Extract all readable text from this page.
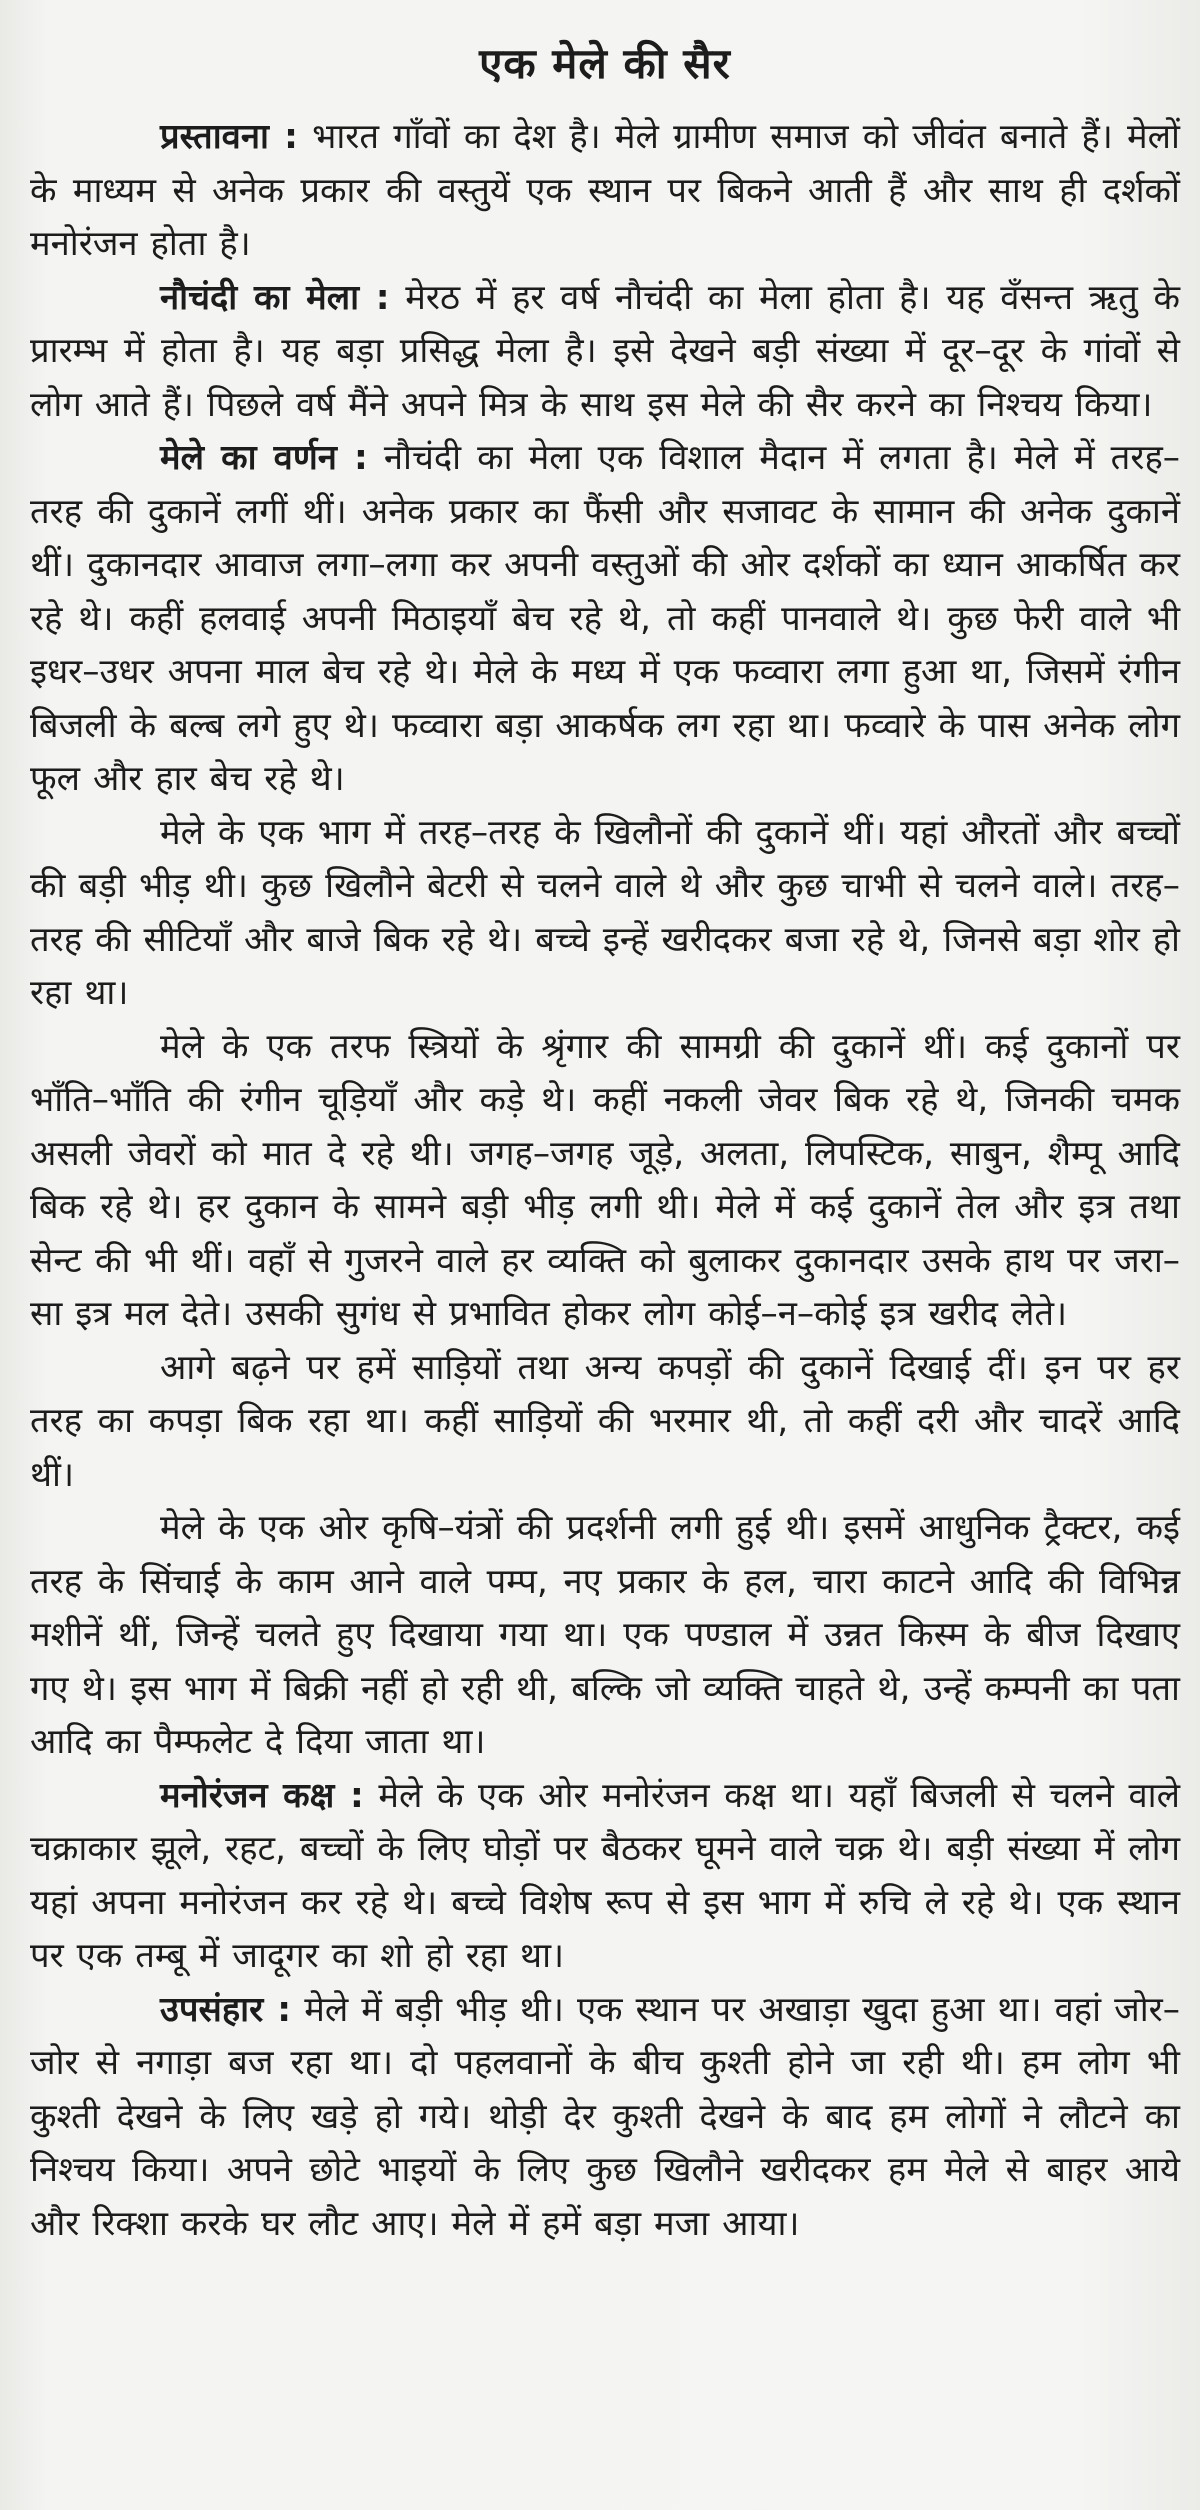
एक मेले की सैर

प्रस्तावना : भारत गाँवों का देश है। मेले ग्रामीण समाज को जीवंत बनाते हैं। मेलों के माध्यम से अनेक प्रकार की वस्तुयें एक स्थान पर बिकने आती हैं और साथ ही दर्शकों मनोरंजन होता है।

नौचंदी का मेला : मेरठ में हर वर्ष नौचंदी का मेला होता है। यह वँसन्त ऋतु के प्रारम्भ में होता है। यह बड़ा प्रसिद्ध मेला है। इसे देखने बड़ी संख्या में दूर–दूर के गांवों से लोग आते हैं। पिछले वर्ष मैंने अपने मित्र के साथ इस मेले की सैर करने का निश्चय किया।

मेले का वर्णन : नौचंदी का मेला एक विशाल मैदान में लगता है। मेले में तरह–तरह की दुकानें लगीं थीं। अनेक प्रकार का फैंसी और सजावट के सामान की अनेक दुकानें थीं। दुकानदार आवाज लगा–लगा कर अपनी वस्तुओं की ओर दर्शकों का ध्यान आकर्षित कर रहे थे। कहीं हलवाई अपनी मिठाइयाँ बेच रहे थे, तो कहीं पानवाले थे। कुछ फेरी वाले भी इधर–उधर अपना माल बेच रहे थे। मेले के मध्य में एक फव्वारा लगा हुआ था, जिसमें रंगीन बिजली के बल्ब लगे हुए थे। फव्वारा बड़ा आकर्षक लग रहा था। फव्वारे के पास अनेक लोग फूल और हार बेच रहे थे।

मेले के एक भाग में तरह–तरह के खिलौनों की दुकानें थीं। यहां औरतों और बच्चों की बड़ी भीड़ थी। कुछ खिलौने बेटरी से चलने वाले थे और कुछ चाभी से चलने वाले। तरह–तरह की सीटियाँ और बाजे बिक रहे थे। बच्चे इन्हें खरीदकर बजा रहे थे, जिनसे बड़ा शोर हो रहा था।

मेले के एक तरफ स्त्रियों के श्रृंगार की सामग्री की दुकानें थीं। कई दुकानों पर भाँति–भाँति की रंगीन चूड़ियाँ और कड़े थे। कहीं नकली जेवर बिक रहे थे, जिनकी चमक असली जेवरों को मात दे रहे थी। जगह–जगह जूड़े, अलता, लिपस्टिक, साबुन, शैम्पू आदि बिक रहे थे। हर दुकान के सामने बड़ी भीड़ लगी थी। मेले में कई दुकानें तेल और इत्र तथा सेन्ट की भी थीं। वहाँ से गुजरने वाले हर व्यक्ति को बुलाकर दुकानदार उसके हाथ पर जरा–सा इत्र मल देते। उसकी सुगंध से प्रभावित होकर लोग कोई–न–कोई इत्र खरीद लेते।

आगे बढ़ने पर हमें साड़ियों तथा अन्य कपड़ों की दुकानें दिखाई दीं। इन पर हर तरह का कपड़ा बिक रहा था। कहीं साड़ियों की भरमार थी, तो कहीं दरी और चादरें आदि थीं।

मेले के एक ओर कृषि–यंत्रों की प्रदर्शनी लगी हुई थी। इसमें आधुनिक ट्रैक्टर, कई तरह के सिंचाई के काम आने वाले पम्प, नए प्रकार के हल, चारा काटने आदि की विभिन्न मशीनें थीं, जिन्हें चलते हुए दिखाया गया था। एक पण्डाल में उन्नत किस्म के बीज दिखाए गए थे। इस भाग में बिक्री नहीं हो रही थी, बल्कि जो व्यक्ति चाहते थे, उन्हें कम्पनी का पता आदि का पैम्फलेट दे दिया जाता था।

मनोरंजन कक्ष : मेले के एक ओर मनोरंजन कक्ष था। यहाँ बिजली से चलने वाले चक्राकार झूले, रहट, बच्चों के लिए घोड़ों पर बैठकर घूमने वाले चक्र थे। बड़ी संख्या में लोग यहां अपना मनोरंजन कर रहे थे। बच्चे विशेष रूप से इस भाग में रुचि ले रहे थे। एक स्थान पर एक तम्बू में जादूगर का शो हो रहा था।

उपसंहार : मेले में बड़ी भीड़ थी। एक स्थान पर अखाड़ा खुदा हुआ था। वहां जोर–जोर से नगाड़ा बज रहा था। दो पहलवानों के बीच कुश्ती होने जा रही थी। हम लोग भी कुश्ती देखने के लिए खड़े हो गये। थोड़ी देर कुश्ती देखने के बाद हम लोगों ने लौटने का निश्चय किया। अपने छोटे भाइयों के लिए कुछ खिलौने खरीदकर हम मेले से बाहर आये और रिक्शा करके घर लौट आए। मेले में हमें बड़ा मजा आया।
